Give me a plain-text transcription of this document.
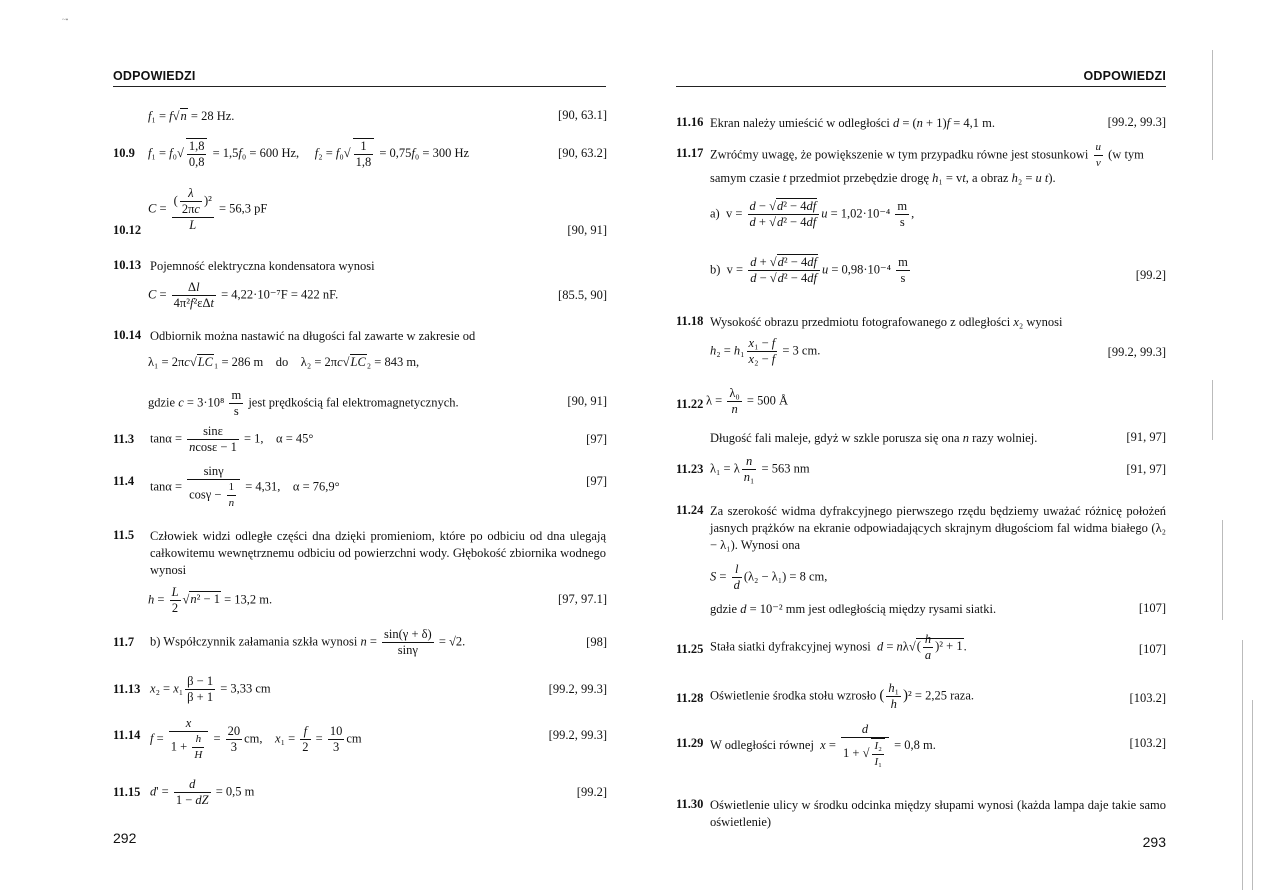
~•
ODPOWIEDZI
f₁ = f√n = 28 Hz.	[90, 63.1]
10.9 $f_1 = f_0√ \frac{1,8}{0,8} = 1,5f_0 = 600$ Hz,     $f_2 = f_0√ \frac{1}{1,8} = 0,75f_0 = 300$ Hz	[90, 63.2]
10.12
$C = \frac{( \frac{\lambda}{2\pi c} )^2}{L} = 56,3$ pF
[90, 91]
10.13 Pojemność elektryczna kondensatora wynosi
$C = \frac{\Delta l}{\text{4π²f²εΔt}} = 4,22\cdot 10^{-7}F = 422$ nF.	[85.5, 90]
10.14 Odbiornik można nastawić na długości fal zawarte w zakresie od
λ₁ = 2πc√LC₁ = 286 m    do    λ₂ = 2πc√LC₂ = 843 m,
gdzie $c = 3\cdot 10^8 \frac{m}{s}$ jest prędkością fal elektromagnetycznych.	[90, 91]
11.3 $\tan\alpha = \frac{\sin\varepsilon}{ncos\varepsilon - 1} = 1$,    α = 45°	[97]
11.4 $\tan\alpha = \frac{\sin\gamma}{\cos\gamma - \frac{1}{n}} = 4,31$,    α = 76,9°	[97]
11.5 Człowiek widzi odległe części dna dzięki promieniom, które po odbiciu od dna ulegają całkowitemu wewnętrznemu odbiciu od powierzchni wody. Głębokość zbiornika wodnego wynosi
$h = \frac{L}{2} √n^2 - 1 = 13,2$ m.	[97, 97.1]
11.7 b) Współczynnik załamania szkła wynosi $n = \frac{\sin(\gamma + \delta)}{\sin\gamma} = √2$.	[98]
11.13 $x_2 = x_1 \frac{\beta - 1}{\beta + 1} = 3,33$ cm	[99.2, 99.3]
11.14 $f = \frac{x}{1 + \frac{h}{H}} = \frac{20}{3}$ cm,    $x_1 = \frac{f}{2} = \frac{10}{3}$ cm	[99.2, 99.3]
11.15 $d' = \frac{d}{1 - dZ} = 0,5$ m	[99.2]
292
ODPOWIEDZI
11.16 Ekran należy umieścić w odległości d = (n + 1)f = 4,1 m.	[99.2, 99.3]
11.17 Zwróćmy uwagę, że powiększenie w tym przypadku równe jest stosunkowi $\frac{u}{v} (w$ tym
samym czasie t przedmiot przebędzie drogę h₁ = vt, a obraz h₂ = u t).
a)  $v = \frac{\text{d − √d² − 4df}}{\text{d + √d² − 4df}}$ $u = 1,02\cdot 10^{-4} \frac{m}{s}$ ,
b)  $v = \frac{\text{d + √d² − 4df}}{\text{d − √d² − 4df}}$ $u = 0,98\cdot 10^{-4} \frac{m}{s}$	[99.2]
11.18 Wysokość obrazu przedmiotu fotografowanego z odległości x₂ wynosi
$h_2 = h_1 \frac{\text{x₁ − f}}{\text{x₂ − f}} = 3$ cm.	[99.2, 99.3]
11.22 $\lambda = \frac{\text{λ₀}}{n} = 500$ Å
Długość fali maleje, gdyż w szkle porusza się ona n razy wolniej.	[91, 97]
11.23 λ₁ = λ $\frac{n}{\text{n₁}} = 563$ nm	[91, 97]
11.24 Za szerokość widma dyfrakcyjnego pierwszego rzędu będziemy uważać różnicę położeń jasnych prążków na ekranie odpowiadających skrajnym długościom fal widma białego (λ₂ − λ₁). Wynosi ona
$S = \frac{l}{d} (\lambda_2 - \lambda_1) = 8$ cm,
gdzie d = 10⁻² mm jest odległością między rysami siatki.	[107]
11.25 Stała siatki dyfrakcyjnej wynosi  $d = n\lambda√( \frac{h}{a} )^2 + 1$.	[107]
11.28 Oświetlenie środka stołu wzrosło ( $\frac{\text{h₁}}{h} )^2 = 2,25$ raza.	[103.2]
11.29 W odległości równej  $x = \frac{d}{1 + √ \frac{\text{I₂}}{\text{I₁}}} = 0,8$ m.	[103.2]
11.30 Oświetlenie ulicy w środku odcinka między słupami wynosi (każda lampa daje takie samo oświetlenie)
293
